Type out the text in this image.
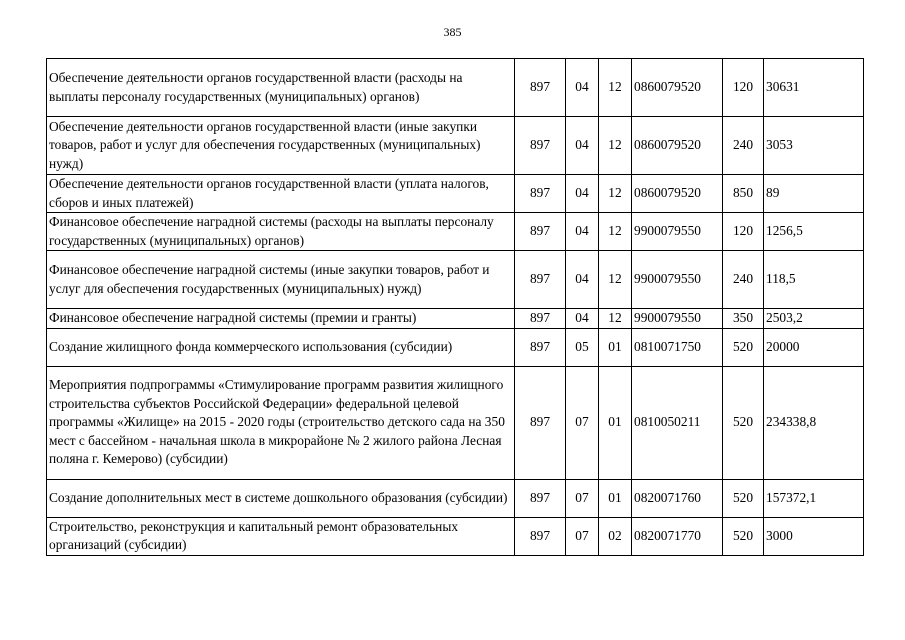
385
Обеспечение деятельности органов государственной власти (расходы на выплаты персоналу государственных (муниципальных) органов)	897	04	12	0860079520	120	30631
Обеспечение деятельности органов государственной власти (иные закупки товаров, работ и услуг для обеспечения государственных (муниципальных) нужд)	897	04	12	0860079520	240	3053
Обеспечение деятельности органов государственной власти (уплата налогов, сборов и иных платежей)	897	04	12	0860079520	850	89
Финансовое обеспечение наградной системы (расходы на выплаты персоналу государственных (муниципальных) органов)	897	04	12	9900079550	120	1256,5
Финансовое обеспечение наградной системы (иные закупки товаров, работ и услуг для обеспечения государственных (муниципальных) нужд)	897	04	12	9900079550	240	118,5
Финансовое обеспечение наградной системы (премии и гранты)	897	04	12	9900079550	350	2503,2
Создание жилищного фонда коммерческого использования (субсидии)	897	05	01	0810071750	520	20000
Мероприятия подпрограммы «Стимулирование программ развития жилищного строительства субъектов Российской Федерации» федеральной целевой программы «Жилище» на 2015 - 2020 годы (строительство детского сада на 350 мест с бассейном - начальная школа в микрорайоне № 2 жилого района Лесная поляна г. Кемерово) (субсидии)	897	07	01	0810050211	520	234338,8
Создание дополнительных мест в системе дошкольного образования (субсидии)	897	07	01	0820071760	520	157372,1
Строительство, реконструкция и капитальный ремонт образовательных организаций (субсидии)	897	07	02	0820071770	520	3000
